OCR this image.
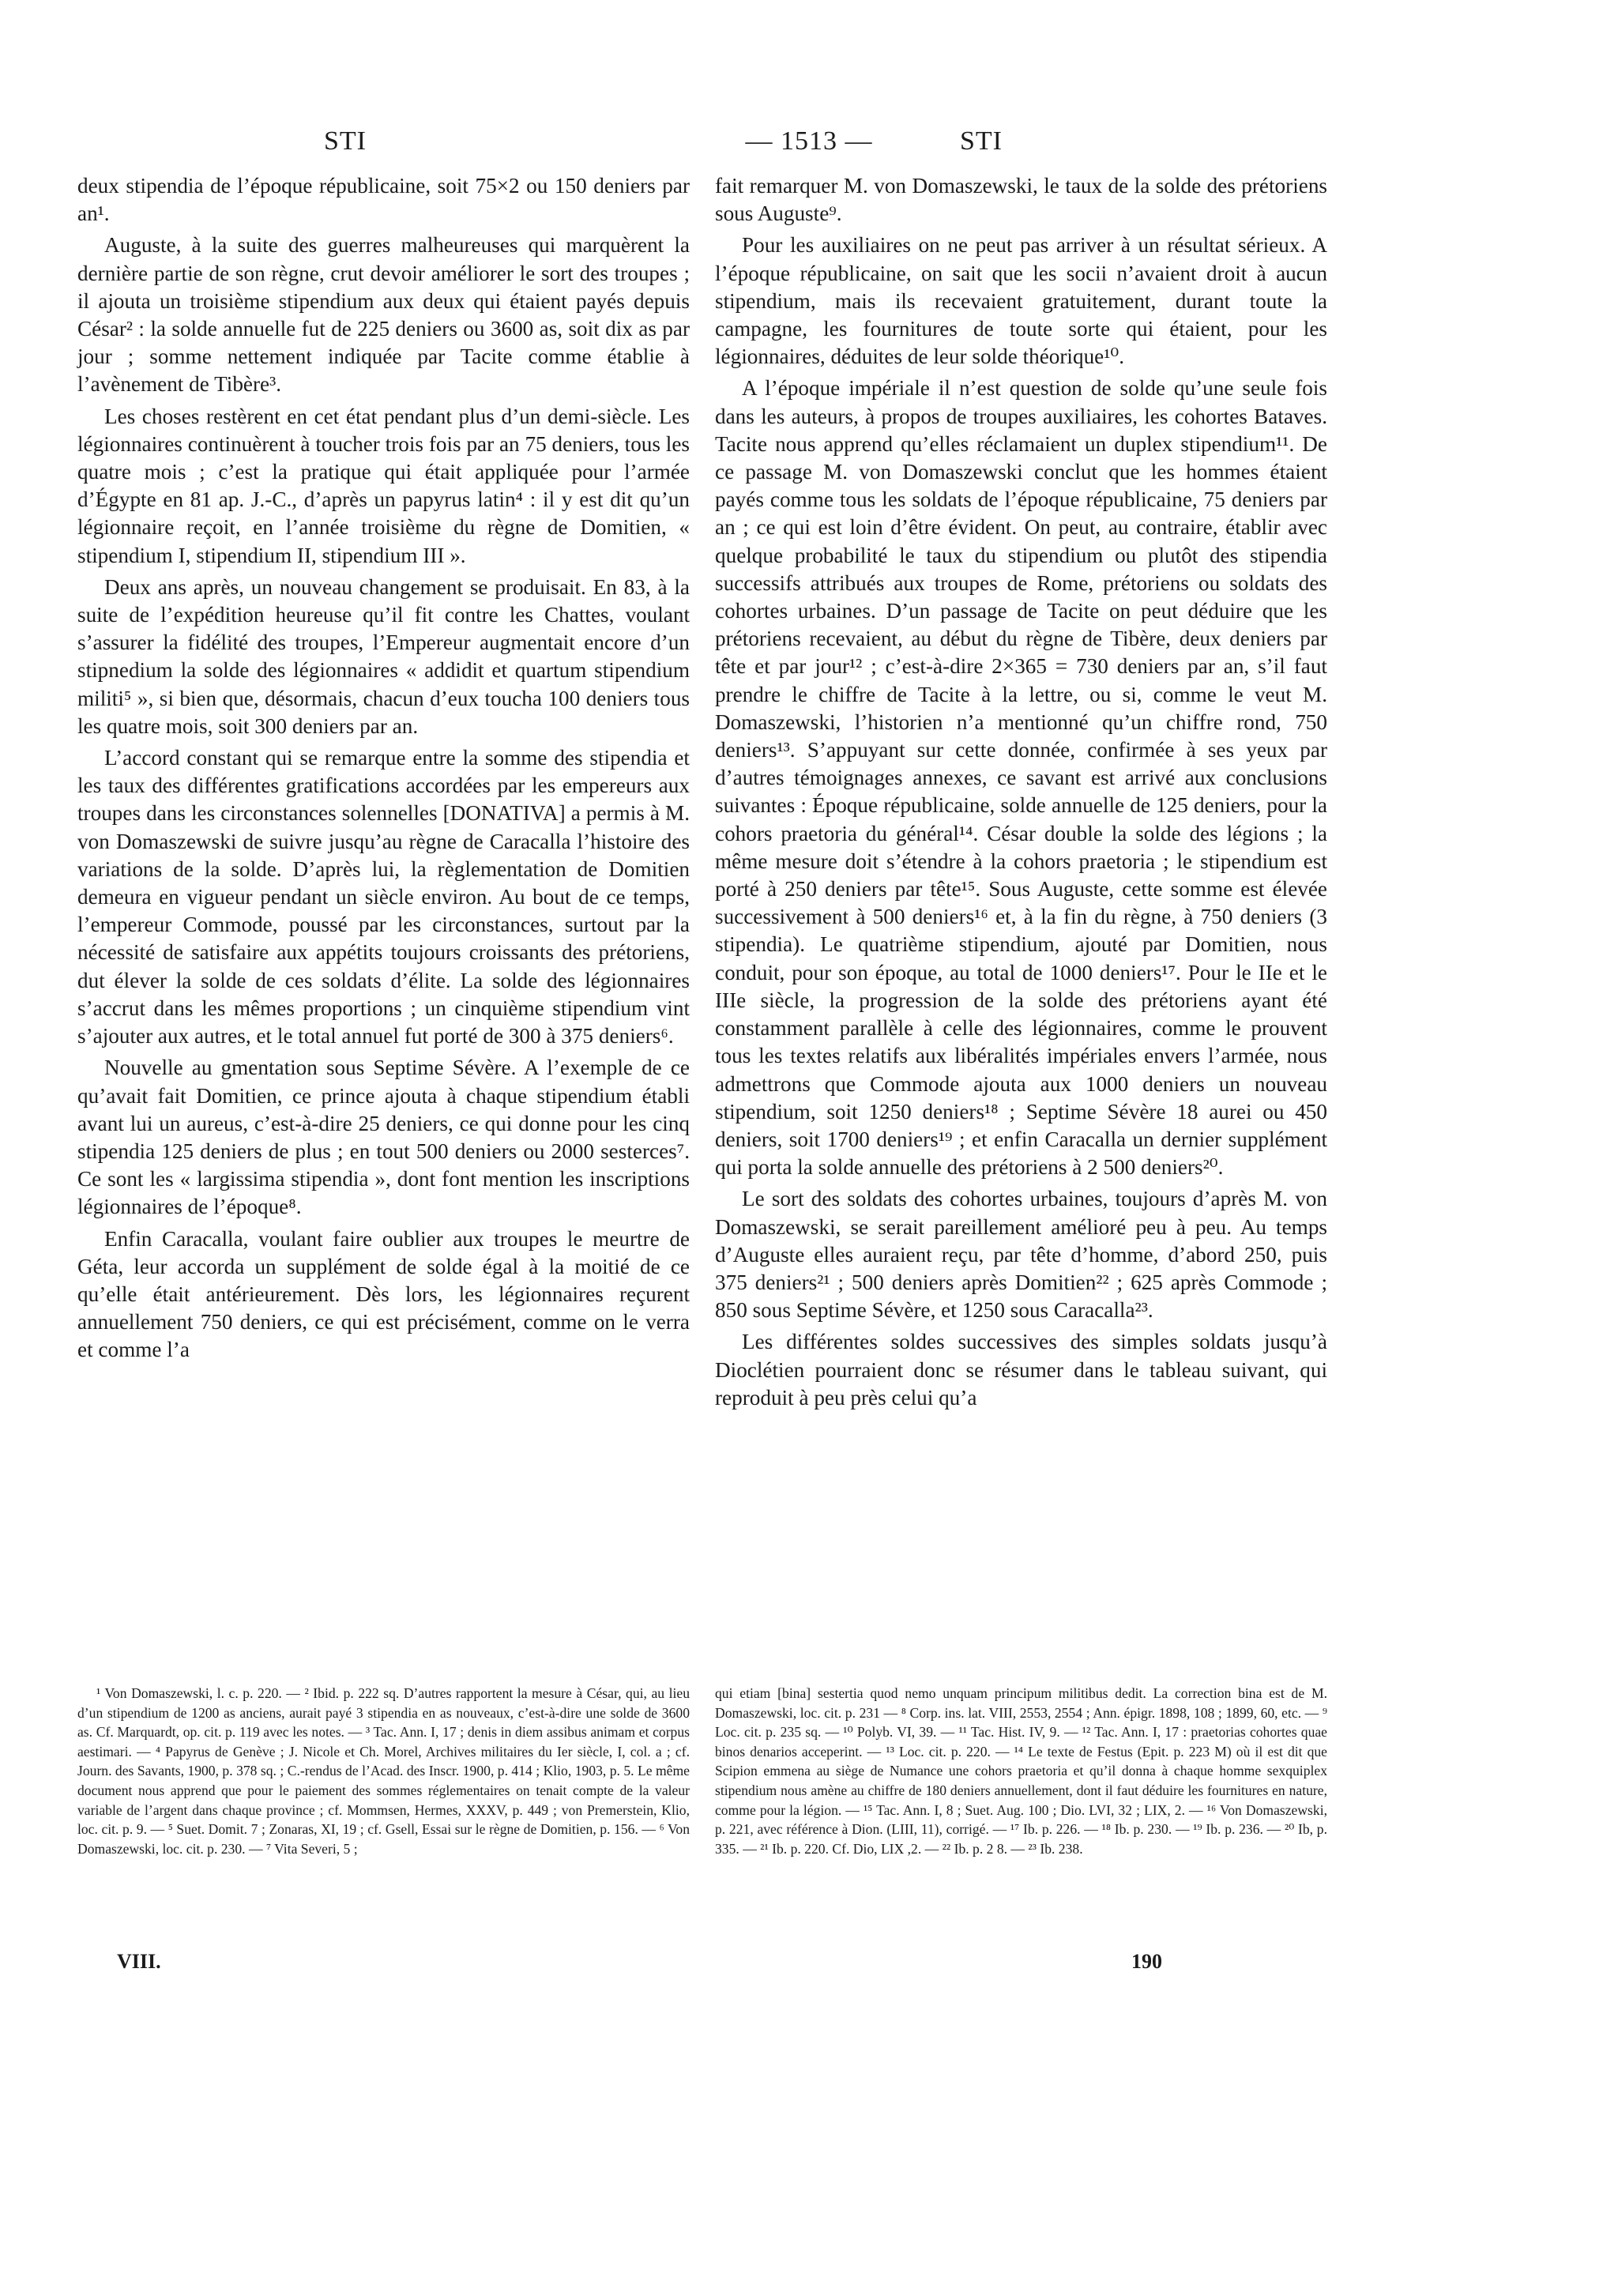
STI	— 1513 —	STI

deux stipendia de l’époque républicaine, soit 75×2 ou 150 deniers par an¹.

Auguste, à la suite des guerres malheureuses qui marquèrent la dernière partie de son règne, crut devoir améliorer le sort des troupes ; il ajouta un troisième stipendium aux deux qui étaient payés depuis César² : la solde annuelle fut de 225 deniers ou 3600 as, soit dix as par jour ; somme nettement indiquée par Tacite comme établie à l’avènement de Tibère³.

Les choses restèrent en cet état pendant plus d’un demi-siècle. Les légionnaires continuèrent à toucher trois fois par an 75 deniers, tous les quatre mois ; c’est la pratique qui était appliquée pour l’armée d’Égypte en 81 ap. J.-C., d’après un papyrus latin⁴ : il y est dit qu’un légionnaire reçoit, en l’année troisième du règne de Domitien, « stipendium I, stipendium II, stipendium III ».

Deux ans après, un nouveau changement se produisait. En 83, à la suite de l’expédition heureuse qu’il fit contre les Chattes, voulant s’assurer la fidélité des troupes, l’Empereur augmentait encore d’un stipnedium la solde des légionnaires « addidit et quartum stipendium militi⁵ », si bien que, désormais, chacun d’eux toucha 100 deniers tous les quatre mois, soit 300 deniers par an.

L’accord constant qui se remarque entre la somme des stipendia et les taux des différentes gratifications accordées par les empereurs aux troupes dans les circonstances solennelles [DONATIVA] a permis à M. von Domaszewski de suivre jusqu’au règne de Caracalla l’histoire des variations de la solde. D’après lui, la règlementation de Domitien demeura en vigueur pendant un siècle environ. Au bout de ce temps, l’empereur Commode, poussé par les circonstances, surtout par la nécessité de satisfaire aux appétits toujours croissants des prétoriens, dut élever la solde de ces soldats d’élite. La solde des légionnaires s’accrut dans les mêmes proportions ; un cinquième stipendium vint s’ajouter aux autres, et le total annuel fut porté de 300 à 375 deniers⁶.

Nouvelle au gmentation sous Septime Sévère. A l’exemple de ce qu’avait fait Domitien, ce prince ajouta à chaque stipendium établi avant lui un aureus, c’est-à-dire 25 deniers, ce qui donne pour les cinq stipendia 125 deniers de plus ; en tout 500 deniers ou 2000 sesterces⁷. Ce sont les « largissima stipendia », dont font mention les inscriptions légionnaires de l’époque⁸.

Enfin Caracalla, voulant faire oublier aux troupes le meurtre de Géta, leur accorda un supplément de solde égal à la moitié de ce qu’elle était antérieurement. Dès lors, les légionnaires reçurent annuellement 750 deniers, ce qui est précisément, comme on le verra et comme l’a

fait remarquer M. von Domaszewski, le taux de la solde des prétoriens sous Auguste⁹.

Pour les auxiliaires on ne peut pas arriver à un résultat sérieux. A l’époque républicaine, on sait que les socii n’avaient droit à aucun stipendium, mais ils recevaient gratuitement, durant toute la campagne, les fournitures de toute sorte qui étaient, pour les légionnaires, déduites de leur solde théorique¹⁰.

A l’époque impériale il n’est question de solde qu’une seule fois dans les auteurs, à propos de troupes auxiliaires, les cohortes Bataves. Tacite nous apprend qu’elles réclamaient un duplex stipendium¹¹. De ce passage M. von Domaszewski conclut que les hommes étaient payés comme tous les soldats de l’époque républicaine, 75 deniers par an ; ce qui est loin d’être évident. On peut, au contraire, établir avec quelque probabilité le taux du stipendium ou plutôt des stipendia successifs attribués aux troupes de Rome, prétoriens ou soldats des cohortes urbaines. D’un passage de Tacite on peut déduire que les prétoriens recevaient, au début du règne de Tibère, deux deniers par tête et par jour¹² ; c’est-à-dire 2×365 = 730 deniers par an, s’il faut prendre le chiffre de Tacite à la lettre, ou si, comme le veut M. Domaszewski, l’historien n’a mentionné qu’un chiffre rond, 750 deniers¹³. S’appuyant sur cette donnée, confirmée à ses yeux par d’autres témoignages annexes, ce savant est arrivé aux conclusions suivantes : Époque républicaine, solde annuelle de 125 deniers, pour la cohors praetoria du général¹⁴. César double la solde des légions ; la même mesure doit s’étendre à la cohors praetoria ; le stipendium est porté à 250 deniers par tête¹⁵. Sous Auguste, cette somme est élevée successivement à 500 deniers¹⁶ et, à la fin du règne, à 750 deniers (3 stipendia). Le quatrième stipendium, ajouté par Domitien, nous conduit, pour son époque, au total de 1000 deniers¹⁷. Pour le IIe et le IIIe siècle, la progression de la solde des prétoriens ayant été constamment parallèle à celle des légionnaires, comme le prouvent tous les textes relatifs aux libéralités impériales envers l’armée, nous admettrons que Commode ajouta aux 1000 deniers un nouveau stipendium, soit 1250 deniers¹⁸ ; Septime Sévère 18 aurei ou 450 deniers, soit 1700 deniers¹⁹ ; et enfin Caracalla un dernier supplément qui porta la solde annuelle des prétoriens à 2 500 deniers²⁰.

Le sort des soldats des cohortes urbaines, toujours d’après M. von Domaszewski, se serait pareillement amélioré peu à peu. Au temps d’Auguste elles auraient reçu, par tête d’homme, d’abord 250, puis 375 deniers²¹ ; 500 deniers après Domitien²² ; 625 après Commode ; 850 sous Septime Sévère, et 1250 sous Caracalla²³.

Les différentes soldes successives des simples soldats jusqu’à Dioclétien pourraient donc se résumer dans le tableau suivant, qui reproduit à peu près celui qu’a

¹ Von Domaszewski, l. c. p. 220. — ² Ibid. p. 222 sq. D’autres rapportent la mesure à César, qui, au lieu d’un stipendium de 1200 as anciens, aurait payé 3 stipendia en as nouveaux, c’est-à-dire une solde de 3600 as. Cf. Marquardt, op. cit. p. 119 avec les notes. — ³ Tac. Ann. I, 17 ; denis in diem assibus animam et corpus aestimari. — ⁴ Papyrus de Genève ; J. Nicole et Ch. Morel, Archives militaires du Ier siècle, I, col. a ; cf. Journ. des Savants, 1900, p. 378 sq. ; C.-rendus de l’Acad. des Inscr. 1900, p. 414 ; Klio, 1903, p. 5. Le même document nous apprend que pour le paiement des sommes réglementaires on tenait compte de la valeur variable de l’argent dans chaque province ; cf. Mommsen, Hermes, XXXV, p. 449 ; von Premerstein, Klio, loc. cit. p. 9. — ⁵ Suet. Domit. 7 ; Zonaras, XI, 19 ; cf. Gsell, Essai sur le règne de Domitien, p. 156. — ⁶ Von Domaszewski, loc. cit. p. 230. — ⁷ Vita Severi, 5 ;

qui etiam [bina] sestertia quod nemo unquam principum militibus dedit. La correction bina est de M. Domaszewski, loc. cit. p. 231 — ⁸ Corp. ins. lat. VIII, 2553, 2554 ; Ann. épigr. 1898, 108 ; 1899, 60, etc. — ⁹ Loc. cit. p. 235 sq. — ¹⁰ Polyb. VI, 39. — ¹¹ Tac. Hist. IV, 9. — ¹² Tac. Ann. I, 17 : praetorias cohortes quae binos denarios acceperint. — ¹³ Loc. cit. p. 220. — ¹⁴ Le texte de Festus (Epit. p. 223 M) où il est dit que Scipion emmena au siège de Numance une cohors praetoria et qu’il donna à chaque homme sexquiplex stipendium nous amène au chiffre de 180 deniers annuellement, dont il faut déduire les fournitures en nature, comme pour la légion. — ¹⁵ Tac. Ann. I, 8 ; Suet. Aug. 100 ; Dio. LVI, 32 ; LIX, 2. — ¹⁶ Von Domaszewski, p. 221, avec référence à Dion. (LIII, 11), corrigé. — ¹⁷ Ib. p. 226. — ¹⁸ Ib. p. 230. — ¹⁹ Ib. p. 236. — ²⁰ Ib, p. 335. — ²¹ Ib. p. 220. Cf. Dio, LIX ,2. — ²² Ib. p. 2 8. — ²³ Ib. 238.

VIII.	190
